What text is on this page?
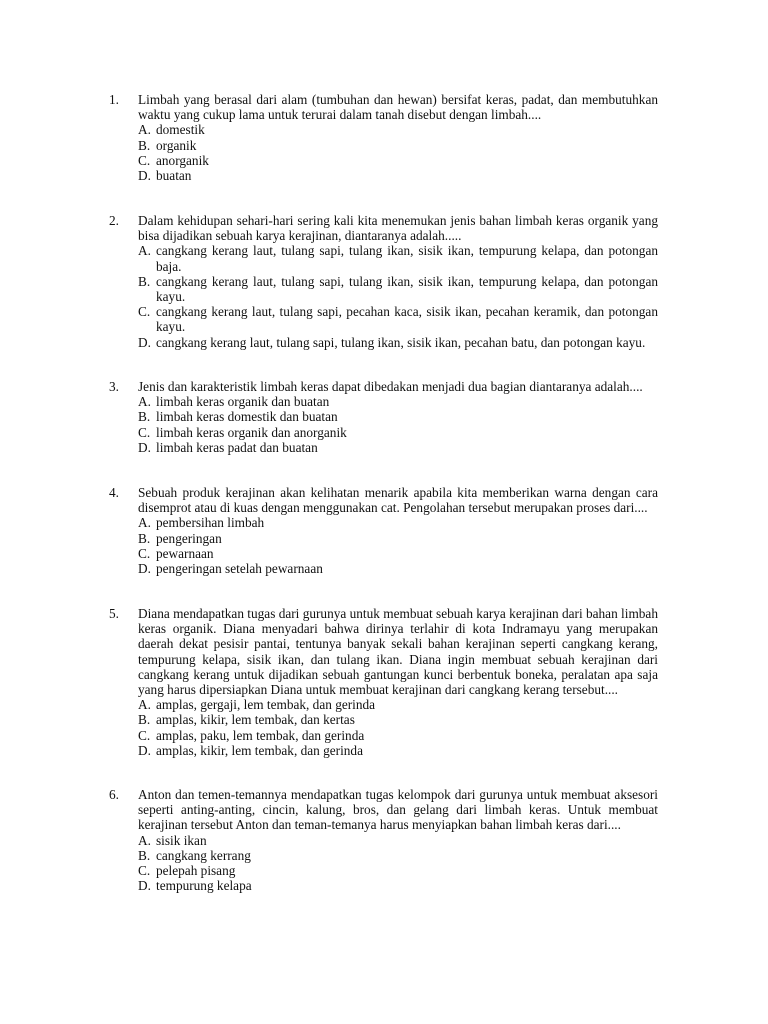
1.	Limbah yang berasal dari alam (tumbuhan dan hewan) bersifat keras, padat, dan membutuhkan waktu yang cukup lama untuk terurai dalam tanah disebut dengan limbah....
A. domestik
B. organik
C. anorganik
D. buatan
2.	Dalam kehidupan sehari-hari sering kali kita menemukan jenis bahan limbah keras organik yang bisa dijadikan sebuah karya kerajinan, diantaranya adalah.....
A. cangkang kerang laut, tulang sapi, tulang ikan, sisik ikan, tempurung kelapa, dan potongan baja.
B. cangkang kerang laut, tulang sapi, tulang ikan, sisik ikan, tempurung kelapa, dan potongan kayu.
C. cangkang kerang laut, tulang sapi, pecahan kaca, sisik ikan, pecahan keramik, dan potongan kayu.
D. cangkang kerang laut, tulang sapi, tulang ikan, sisik ikan, pecahan batu, dan potongan kayu.
3.	Jenis dan karakteristik limbah keras dapat dibedakan menjadi dua bagian diantaranya adalah....
A. limbah keras organik dan buatan
B. limbah keras domestik dan buatan
C. limbah keras organik dan anorganik
D. limbah keras padat dan buatan
4.	Sebuah produk kerajinan akan kelihatan menarik apabila kita memberikan warna dengan cara disemprot atau di kuas dengan menggunakan cat. Pengolahan tersebut merupakan proses dari....
A. pembersihan limbah
B. pengeringan
C. pewarnaan
D. pengeringan setelah pewarnaan
5.	Diana mendapatkan tugas dari gurunya untuk membuat sebuah karya kerajinan dari bahan limbah keras organik. Diana menyadari bahwa dirinya terlahir di kota Indramayu yang merupakan daerah dekat pesisir pantai, tentunya banyak sekali bahan kerajinan seperti cangkang kerang, tempurung kelapa, sisik ikan, dan tulang ikan. Diana ingin membuat sebuah kerajinan dari cangkang kerang untuk dijadikan sebuah gantungan kunci berbentuk boneka, peralatan apa saja yang harus dipersiapkan Diana untuk membuat kerajinan dari cangkang kerang tersebut....
A. amplas, gergaji, lem tembak, dan gerinda
B. amplas, kikir, lem tembak, dan kertas
C. amplas, paku, lem tembak, dan gerinda
D. amplas, kikir, lem tembak, dan gerinda
6.	Anton dan temen-temannya mendapatkan tugas kelompok dari gurunya untuk membuat aksesori seperti anting-anting, cincin, kalung, bros, dan gelang dari limbah keras. Untuk membuat kerajinan tersebut Anton dan teman-temanya harus menyiapkan bahan limbah keras dari....
A. sisik ikan
B. cangkang kerrang
C. pelepah pisang
D. tempurung kelapa
